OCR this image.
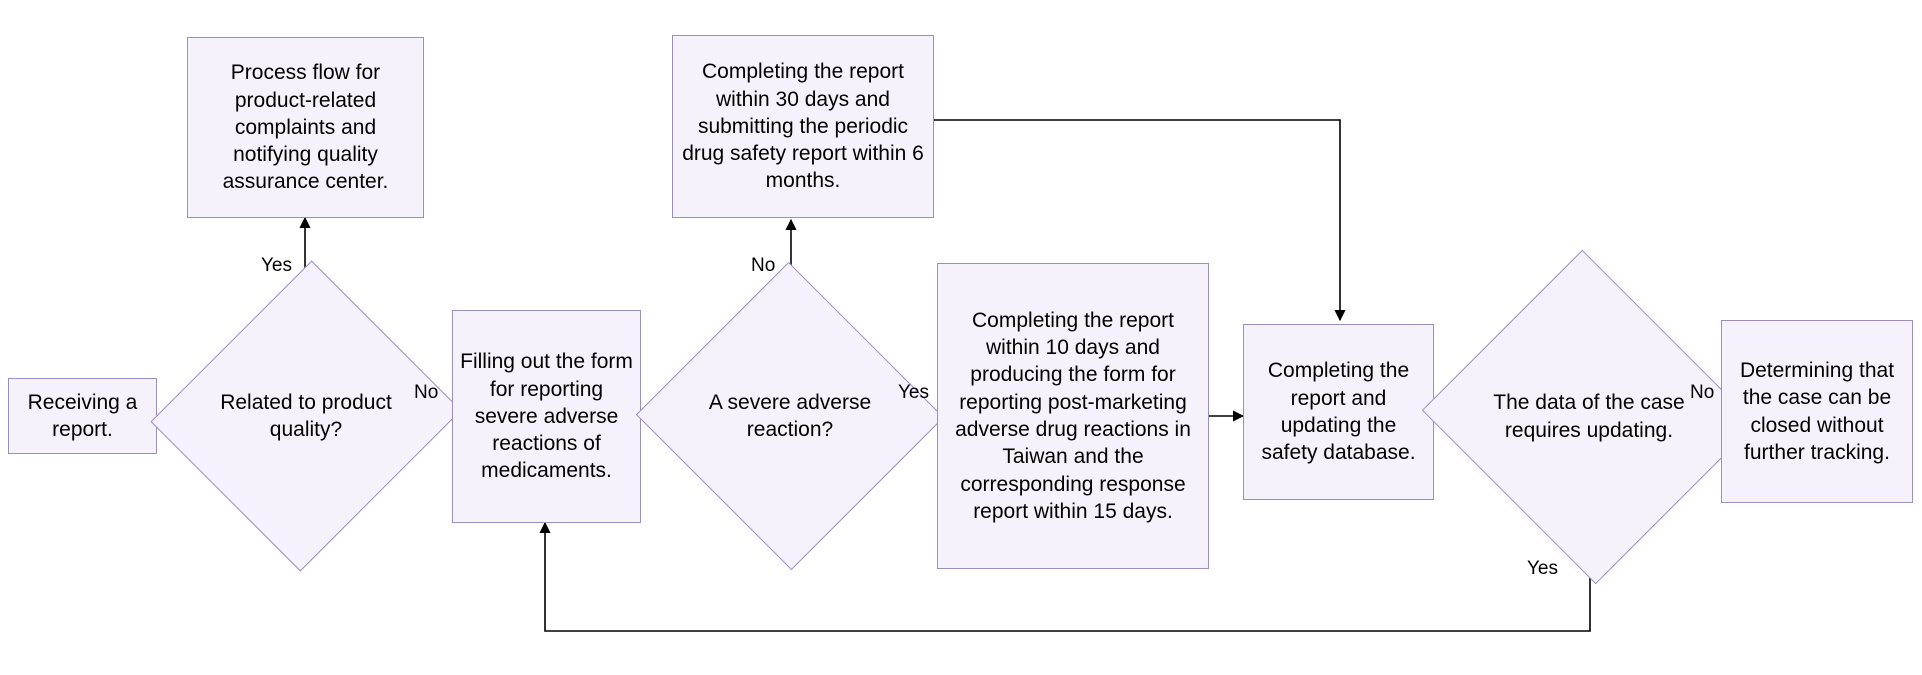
Receiving a report.
Related to product quality?
Process flow for product-related complaints and notifying quality assurance center.
Filling out the form for reporting severe adverse reactions of medicaments.
A severe adverse reaction?
Completing the report within 30 days and submitting the periodic drug safety report within 6 months.
Completing the report within 10 days and producing the form for reporting post-marketing adverse drug reactions in Taiwan and the corresponding response report within 15 days.
Completing the report and updating the safety database.
The data of the case requires updating.
Determining that the case can be closed without further tracking.
Yes
No
No
Yes
Yes
No
